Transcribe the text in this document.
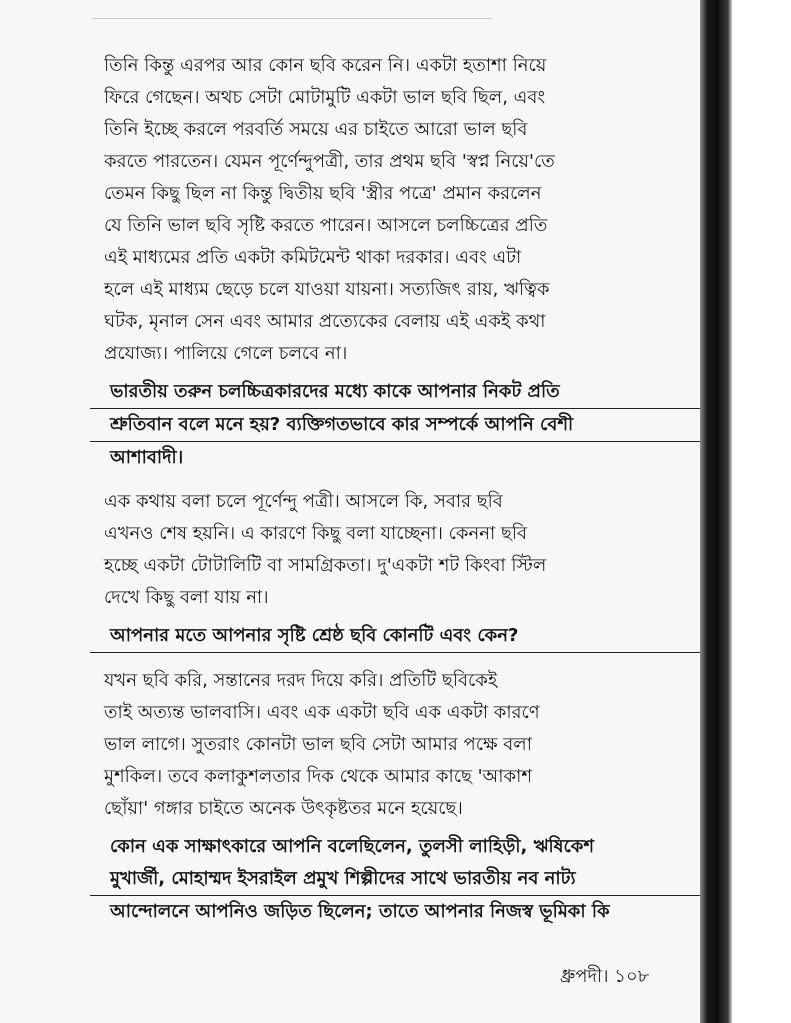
তিনি কিন্তু এরপর আর কোন ছবি করেন নি। একটা হতাশা নিয়ে
ফিরে গেছেন। অথচ সেটা মোটামুটি একটা ভাল ছবি ছিল, এবং
তিনি ইচ্ছে করলে পরবর্তি সময়ে এর চাইতে আরো ভাল ছবি
করতে পারতেন। যেমন পূর্ণেন্দুপত্রী, তার প্রথম ছবি 'স্বপ্ন নিয়ে'তে
তেমন কিছু ছিল না কিন্তু দ্বিতীয় ছবি 'স্ত্রীর পত্রে' প্রমান করলেন
যে তিনি ভাল ছবি সৃষ্টি করতে পারেন। আসলে চলচ্চিত্রের প্রতি
এই মাধ্যমের প্রতি একটা কমিটমেন্ট থাকা দরকার। এবং এটা
হলে এই মাধ্যম ছেড়ে চলে যাওয়া যায়না। সত্যজিৎ রায়, ঋত্বিক
ঘটক, মৃনাল সেন এবং আমার প্রত্যেকের বেলায় এই একই কথা
প্রযোজ্য। পালিয়ে গেলে চলবে না।
ভারতীয় তরুন চলচ্চিত্রকারদের মধ্যে কাকে আপনার নিকট প্রতি
শ্রুতিবান বলে মনে হয়? ব্যক্তিগতভাবে কার সম্পর্কে আপনি বেশী
আশাবাদী।
এক কথায় বলা চলে পূর্ণেন্দু পত্রী। আসলে কি, সবার ছবি
এখনও শেষ হয়নি। এ কারণে কিছু বলা যাচ্ছেনা। কেননা ছবি
হচ্ছে একটা টোটালিটি বা সামগ্রিকতা। দু'একটা শট কিংবা স্টিল
দেখে কিছু বলা যায় না।
আপনার মতে আপনার সৃষ্টি শ্রেষ্ঠ ছবি কোনটি এবং কেন?
যখন ছবি করি, সন্তানের দরদ দিয়ে করি। প্রতিটি ছবিকেই
তাই অত্যন্ত ভালবাসি। এবং এক একটা ছবি এক একটা কারণে
ভাল লাগে। সুতরাং কোনটা ভাল ছবি সেটা আমার পক্ষে বলা
মুশকিল। তবে কলাকুশলতার দিক থেকে আমার কাছে 'আকাশ
ছোঁয়া' গঙ্গার চাইতে অনেক উৎকৃষ্টতর মনে হয়েছে।
কোন এক সাক্ষাৎকারে আপনি বলেছিলেন, তুলসী লাহিড়ী, ঋষিকেশ
মুখার্জী, মোহাম্মদ ইসরাইল প্রমুখ শিল্পীদের সাথে ভারতীয় নব নাট্য
আন্দোলনে আপনিও জড়িত ছিলেন; তাতে আপনার নিজস্ব ভূমিকা কি
ধ্রুপদী। ১০৮
